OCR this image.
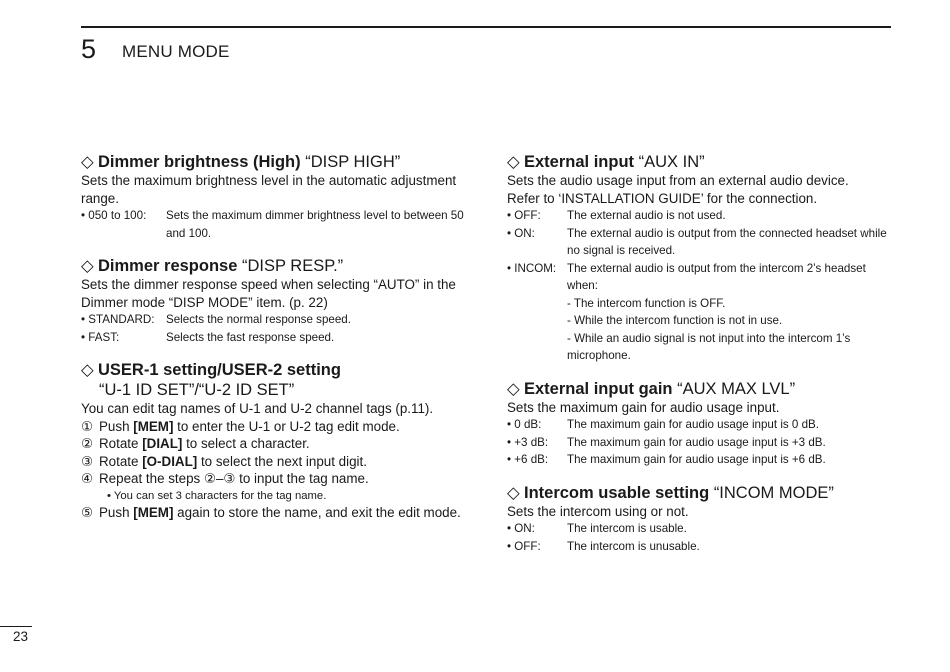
5 MENU MODE
◇ Dimmer brightness (High) “DISP HIGH”

Sets the maximum brightness level in the automatic adjustment range.

• 050 to 100:	Sets the maximum dimmer brightness level to between 50 and 100.
◇ Dimmer response “DISP RESP.”

Sets the dimmer response speed when selecting “AUTO” in the Dimmer mode “DISP MODE” item. (p. 22)

• STANDARD: Selects the normal response speed.
• FAST:	Selects the fast response speed.
◇ USER-1 setting/USER-2 setting
“U-1 ID SET”/“U-2 ID SET”

You can edit tag names of U-1 and U-2 channel tags (p.11).

① Push [MEM] to enter the U-1 or U-2 tag edit mode.
② Rotate [DIAL] to select a character.
③ Rotate [O-DIAL] to select the next input digit.
④ Repeat the steps ②–③ to input the tag name.
• You can set 3 characters for the tag name.
⑤ Push [MEM] again to store the name, and exit the edit mode.
◇ External input “AUX IN”

Sets the audio usage input from an external audio device.

Refer to ‘INSTALLATION GUIDE’ for the connection.

• OFF:	The external audio is not used.
• ON:	The external audio is output from the connected headset while no signal is received.
• INCOM: The external audio is output from the intercom 2’s headset when:
- The intercom function is OFF.
- While the intercom function is not in use.
- While an audio signal is not input into the intercom 1’s microphone.
◇ External input gain “AUX MAX LVL”

Sets the maximum gain for audio usage input.

• 0 dB:	The maximum gain for audio usage input is 0 dB.
• +3 dB:	The maximum gain for audio usage input is +3 dB.
• +6 dB:	The maximum gain for audio usage input is +6 dB.
◇ Intercom usable setting “INCOM MODE”

Sets the intercom using or not.

• ON:	The intercom is usable.
• OFF:	The intercom is unusable.
23
